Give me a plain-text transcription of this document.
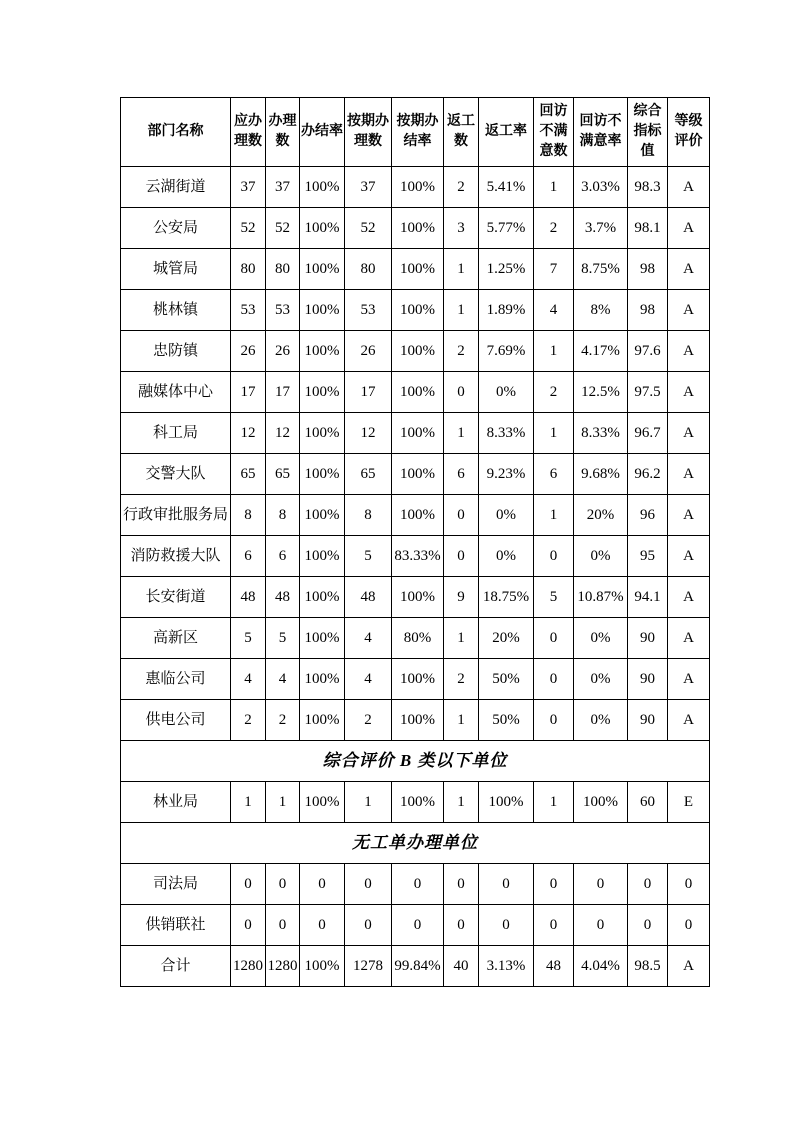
部门名称	应办理数	办理数	办结率	按期办理数	按期办结率	返工数	返工率	回访不满意数	回访不满意率	综合指标值	等级评价
云湖街道	37	37	100%	37	100%	2	5.41%	1	3.03%	98.3	A
公安局	52	52	100%	52	100%	3	5.77%	2	3.7%	98.1	A
城管局	80	80	100%	80	100%	1	1.25%	7	8.75%	98	A
桃林镇	53	53	100%	53	100%	1	1.89%	4	8%	98	A
忠防镇	26	26	100%	26	100%	2	7.69%	1	4.17%	97.6	A
融媒体中心	17	17	100%	17	100%	0	0%	2	12.5%	97.5	A
科工局	12	12	100%	12	100%	1	8.33%	1	8.33%	96.7	A
交警大队	65	65	100%	65	100%	6	9.23%	6	9.68%	96.2	A
行政审批服务局	8	8	100%	8	100%	0	0%	1	20%	96	A
消防救援大队	6	6	100%	5	83.33%	0	0%	0	0%	95	A
长安街道	48	48	100%	48	100%	9	18.75%	5	10.87%	94.1	A
高新区	5	5	100%	4	80%	1	20%	0	0%	90	A
惠临公司	4	4	100%	4	100%	2	50%	0	0%	90	A
供电公司	2	2	100%	2	100%	1	50%	0	0%	90	A
综合评价 B 类以下单位											
林业局	1	1	100%	1	100%	1	100%	1	100%	60	E
无工单办理单位											
司法局	0	0	0	0	0	0	0	0	0	0	0
供销联社	0	0	0	0	0	0	0	0	0	0	0
合计	1280	1280	100%	1278	99.84%	40	3.13%	48	4.04%	98.5	A
